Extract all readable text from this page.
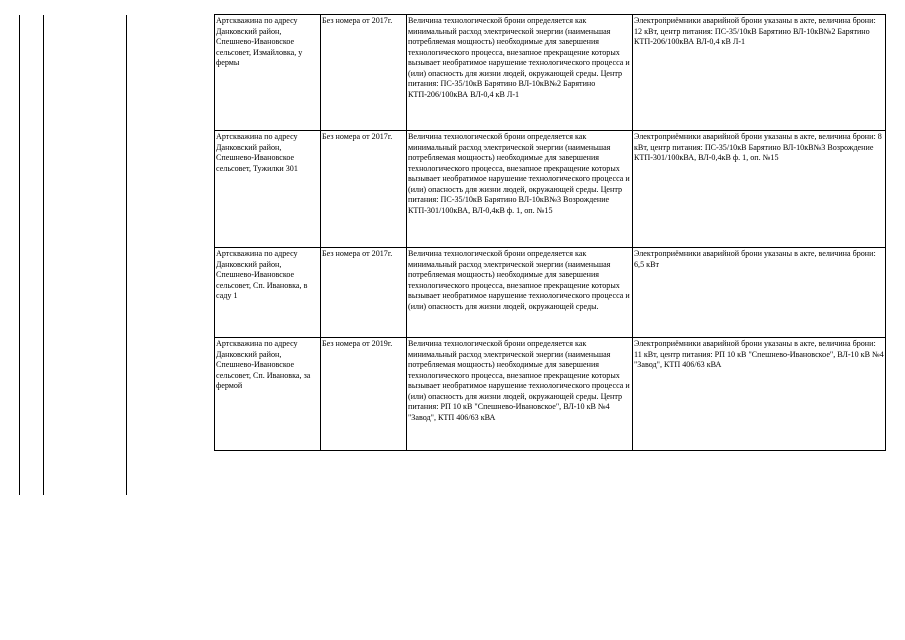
Артскважина по адресу Данковский район, Спешнево-Ивановское сельсовет, Измайловка, у фермы	Без номера от 2017г.	Величина технологической брони определяется как минимальный расход электрической энергии (наименьшая потребляемая мощность) необходимые для завершения технологического процесса, внезапное прекращение которых вызывает необратимое нарушение технологического процесса и (или) опасность для жизни людей, окружающей среды. Центр питания: ПС-35/10кВ Барятино ВЛ-10кВ№2 Барятино КТП-206/100кВА ВЛ-0,4 кВ Л-1	Электроприёмники аварийной брони указаны в акте, величина брони: 12 кВт, центр питания: ПС-35/10кВ Барятино ВЛ-10кВ№2 Барятино КТП-206/100кВА ВЛ-0,4 кВ Л-1
Артскважина по адресу Данковский район, Спешнево-Ивановское сельсовет, Тужилки 301	Без номера от 2017г.	Величина технологической брони определяется как минимальный расход электрической энергии (наименьшая потребляемая мощность) необходимые для завершения технологического процесса, внезапное прекращение которых вызывает необратимое нарушение технологического процесса и (или) опасность для жизни людей, окружающей среды. Центр питания: ПС-35/10кВ Барятино ВЛ-10кВ№3 Возрождение КТП-301/100кВА, ВЛ-0,4кВ ф. 1, оп. №15	Электроприёмники аварийной брони указаны в акте, величина брони: 8 кВт, центр питания: ПС-35/10кВ Барятино ВЛ-10кВ№3 Возрождение КТП-301/100кВА, ВЛ-0,4кВ ф. 1, оп. №15
Артскважина по адресу Данковский район, Спешнево-Ивановское сельсовет, Сп. Ивановка, в саду 1	Без номера от 2017г.	Величина технологической брони определяется как минимальный расход электрической энергии (наименьшая потребляемая мощность) необходимые для завершения технологического процесса, внезапное прекращение которых вызывает необратимое нарушение технологического процесса и (или) опасность для жизни людей, окружающей среды.	Электроприёмники аварийной брони указаны в акте, величина брони: 6,5 кВт
Артскважина по адресу Данковский район, Спешнево-Ивановское сельсовет, Сп. Ивановка, за фермой	Без номера от 2019г.	Величина технологической брони определяется как минимальный расход электрической энергии (наименьшая потребляемая мощность) необходимые для завершения технологического процесса, внезапное прекращение которых вызывает необратимое нарушение технологического процесса и (или) опасность для жизни людей, окружающей среды. Центр питания: РП 10 кВ "Спешнево-Ивановское", ВЛ-10 кВ №4 "Завод", КТП 406/63 кВА	Электроприёмники аварийной брони указаны в акте, величина брони: 11 кВт, центр питания: РП 10 кВ "Спешнево-Ивановское", ВЛ-10 кВ №4 "Завод", КТП 406/63 кВА
